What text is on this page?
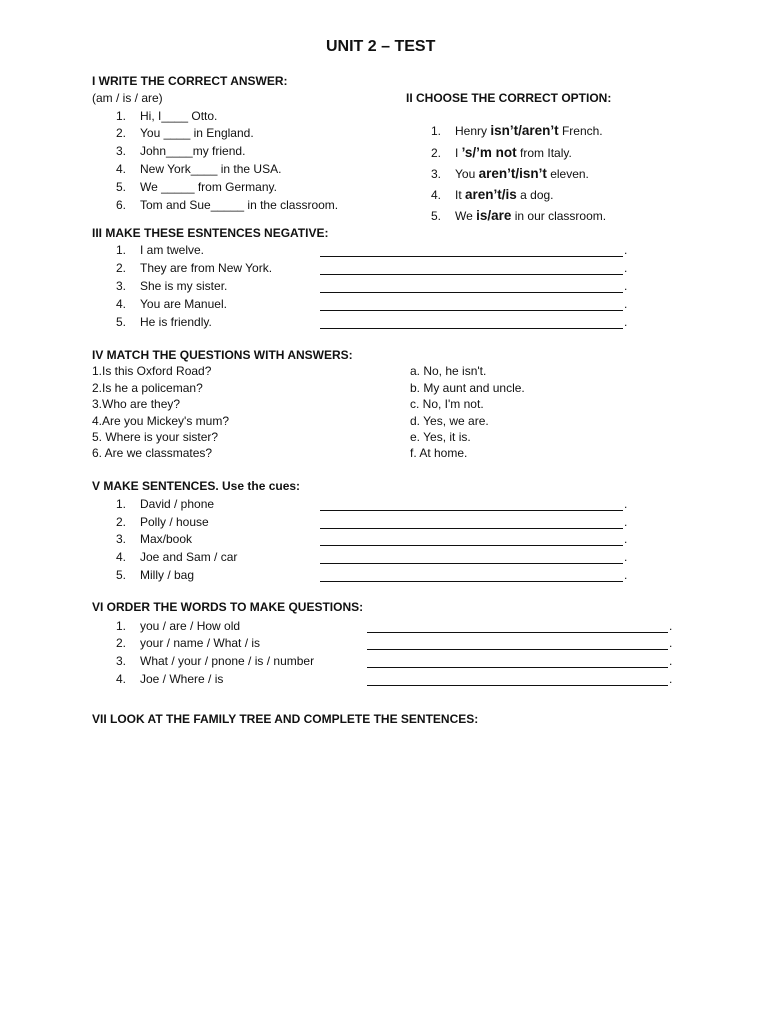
UNIT 2 – TEST
I WRITE THE CORRECT ANSWER:
(am / is / are)
1. Hi, I____ Otto.
2. You ____ in England.
3. John____my friend.
4. New York____ in the USA.
5. We _____ from Germany.
6. Tom and Sue_____ in the classroom.
II CHOOSE THE CORRECT OPTION:
1. Henry isn’t/aren’t French.
2. I ’s/’m not from Italy.
3. You aren’t/isn’t eleven.
4. It aren’t/is a dog.
5. We is/are in our classroom.
III MAKE THESE ESNTENCES NEGATIVE:
1. I am twelve.	.
2. They are from New York.	.
3. She is my sister.	.
4. You are Manuel.	.
5. He is friendly.	.
IV MATCH THE QUESTIONS WITH ANSWERS:
1.Is this Oxford Road?
2.Is he a policeman?
3.Who are they?
4.Are you Mickey's mum?
5. Where is your sister?
6. Are we classmates?
a. No, he isn't.
b. My aunt and uncle.
c. No, I'm not.
d. Yes, we are.
e. Yes, it is.
f. At home.
V MAKE SENTENCES. Use the cues:
1. David / phone	.
2. Polly / house	.
3. Max/book	.
4. Joe and Sam / car	.
5. Milly / bag	.
VI ORDER THE WORDS TO MAKE QUESTIONS:
1. you / are / How old	.
2. your / name / What / is	.
3. What / your / pnone / is / number	.
4. Joe / Where / is	.
VII LOOK AT THE FAMILY TREE AND COMPLETE THE SENTENCES:
